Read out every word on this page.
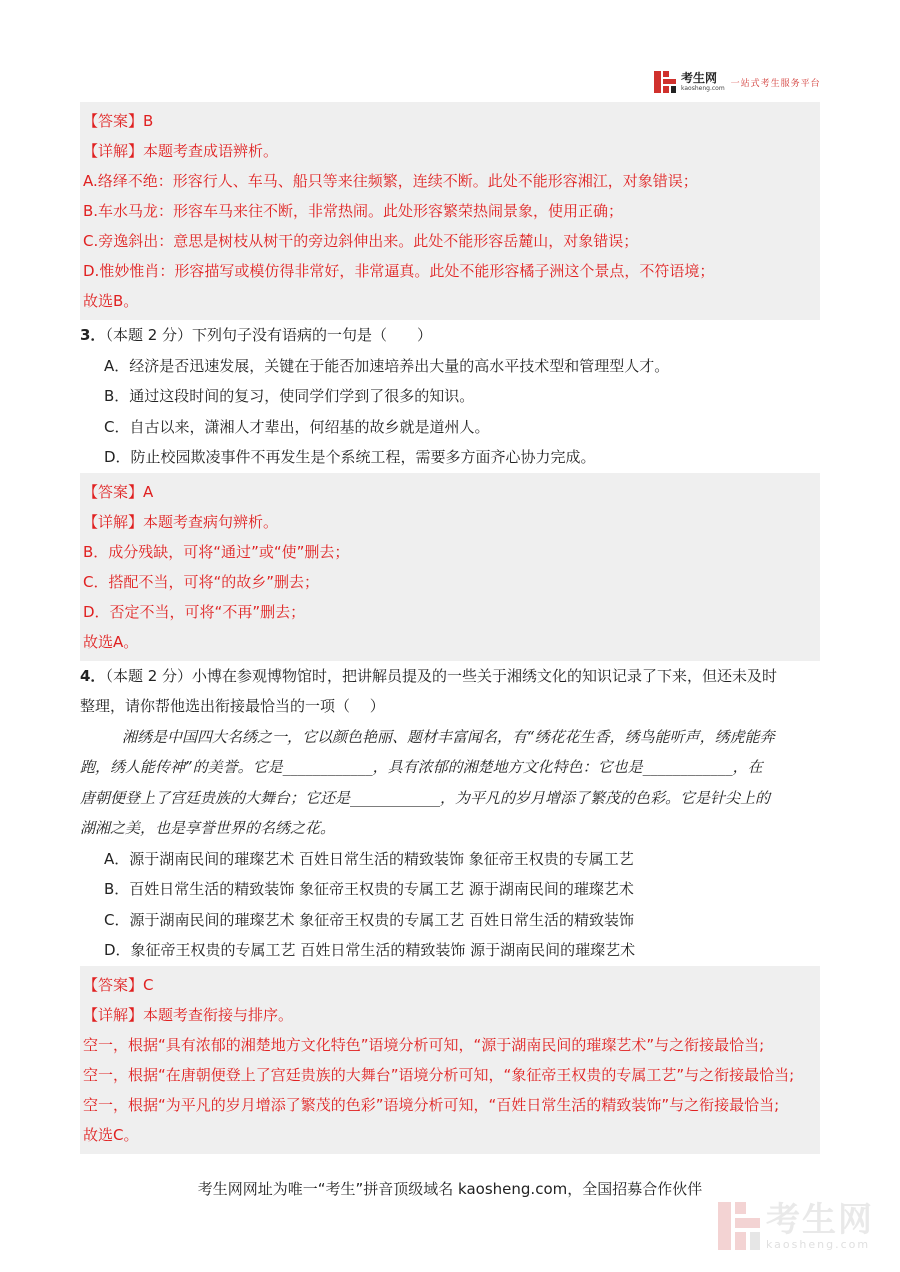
考生网
kaosheng.com 一站式考生服务平台
【答案】B
【详解】本题考查成语辨析。
A.络绎不绝：形容行人、车马、船只等来往频繁，连续不断。此处不能形容湘江，对象错误；
B.车水马龙：形容车马来往不断，非常热闹。此处形容繁荣热闹景象，使用正确；
C.旁逸斜出：意思是树枝从树干的旁边斜伸出来。此处不能形容岳麓山，对象错误；
D.惟妙惟肖：形容描写或模仿得非常好，非常逼真。此处不能形容橘子洲这个景点，不符语境；
故选B。
3．（本题 2 分）下列句子没有语病的一句是（　　）
A．经济是否迅速发展，关键在于能否加速培养出大量的高水平技术型和管理型人才。
B．通过这段时间的复习，使同学们学到了很多的知识。
C．自古以来，潇湘人才辈出，何绍基的故乡就是道州人。
D．防止校园欺凌事件不再发生是个系统工程，需要多方面齐心协力完成。
【答案】A
【详解】本题考查病句辨析。
B．成分残缺，可将“通过”或“使”删去；
C．搭配不当，可将“的故乡”删去；
D．否定不当，可将“不再”删去；
故选A。
4．（本题 2 分）小博在参观博物馆时，把讲解员提及的一些关于湘绣文化的知识记录了下来，但还未及时
整理，请你帮他选出衔接最恰当的一项（　 ）
湘绣是中国四大名绣之一，它以颜色艳丽、题材丰富闻名，有“绣花花生香，绣鸟能听声，绣虎能奔
跑，绣人能传神”的美誉。它是____________，具有浓郁的湘楚地方文化特色：它也是____________，在
唐朝便登上了宫廷贵族的大舞台；它还是____________，为平凡的岁月增添了繁茂的色彩。它是针尖上的
湖湘之美，也是享誉世界的名绣之花。
A．源于湖南民间的璀璨艺术 百姓日常生活的精致装饰 象征帝王权贵的专属工艺
B．百姓日常生活的精致装饰 象征帝王权贵的专属工艺 源于湖南民间的璀璨艺术
C．源于湖南民间的璀璨艺术 象征帝王权贵的专属工艺 百姓日常生活的精致装饰
D．象征帝王权贵的专属工艺 百姓日常生活的精致装饰 源于湖南民间的璀璨艺术
【答案】C
【详解】本题考查衔接与排序。
空一，根据“具有浓郁的湘楚地方文化特色”语境分析可知，“源于湖南民间的璀璨艺术”与之衔接最恰当;
空一，根据“在唐朝便登上了宫廷贵族的大舞台”语境分析可知，“象征帝王权贵的专属工艺”与之衔接最恰当;
空一，根据“为平凡的岁月增添了繁茂的色彩”语境分析可知，“百姓日常生活的精致装饰”与之衔接最恰当;
故选C。
考生网网址为唯一“考生”拼音顶级域名 kaosheng.com，全国招募合作伙伴
考生网
kaosheng.com
